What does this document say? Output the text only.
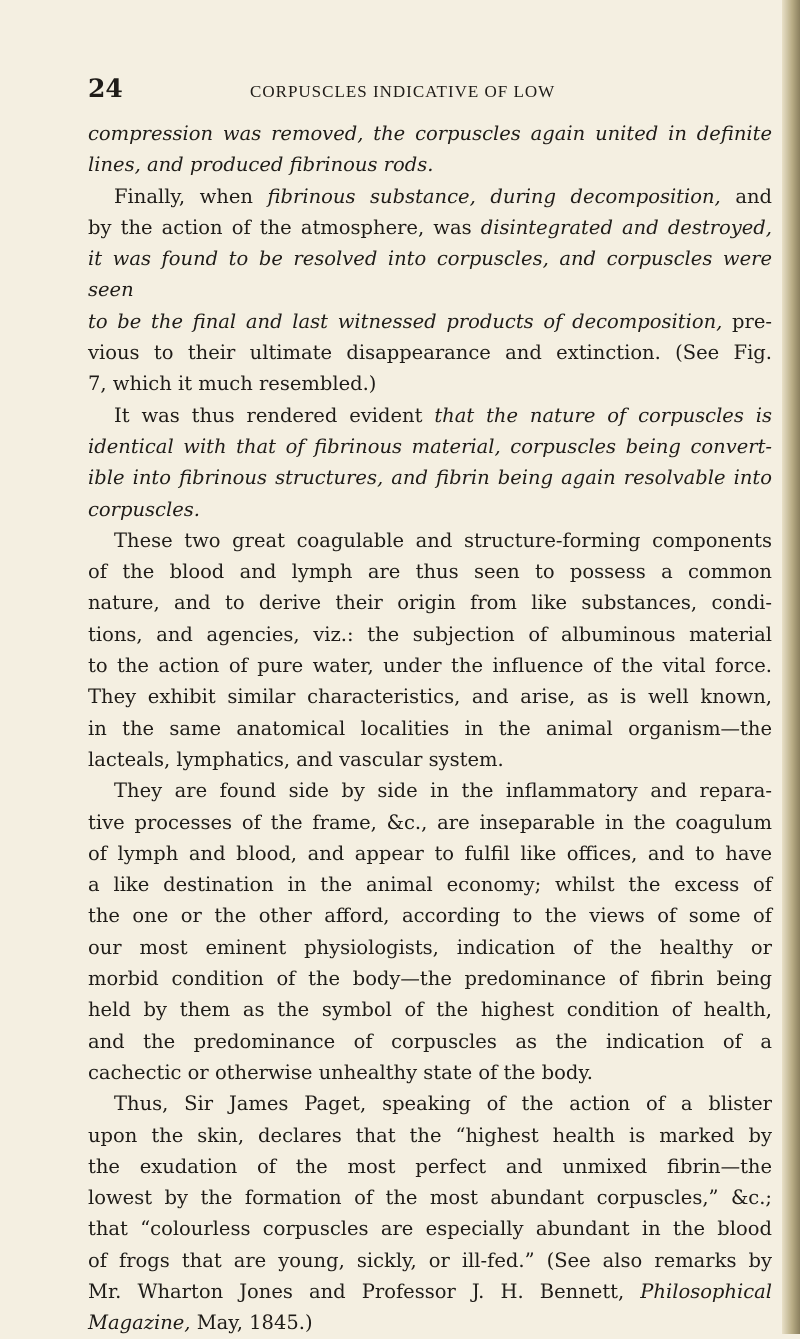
24	CORPUSCLES INDICATIVE OF LOW

compression was removed, the corpuscles again united in definite

lines, and produced fibrinous rods.

Finally, when fibrinous substance, during decomposition, and

by the action of the atmosphere, was disintegrated and destroyed,

it was found to be resolved into corpuscles, and corpuscles were seen

to be the final and last witnessed products of decomposition, pre-

vious to their ultimate disappearance and extinction. (See Fig.

7, which it much resembled.)

It was thus rendered evident that the nature of corpuscles is

identical with that of fibrinous material, corpuscles being convert-

ible into fibrinous structures, and fibrin being again resolvable into

corpuscles.

These two great coagulable and structure-forming components

of the blood and lymph are thus seen to possess a common

nature, and to derive their origin from like substances, condi-

tions, and agencies, viz.: the subjection of albuminous material

to the action of pure water, under the influence of the vital force.

They exhibit similar characteristics, and arise, as is well known,

in the same anatomical localities in the animal organism—the

lacteals, lymphatics, and vascular system.

They are found side by side in the inflammatory and repara-

tive processes of the frame, &c., are inseparable in the coagulum

of lymph and blood, and appear to fulfil like offices, and to have

a like destination in the animal economy; whilst the excess of

the one or the other afford, according to the views of some of

our most eminent physiologists, indication of the healthy or

morbid condition of the body—the predominance of fibrin being

held by them as the symbol of the highest condition of health,

and the predominance of corpuscles as the indication of a

cachectic or otherwise unhealthy state of the body.

Thus, Sir James Paget, speaking of the action of a blister

upon the skin, declares that the “highest health is marked by

the exudation of the most perfect and unmixed fibrin—the

lowest by the formation of the most abundant corpuscles,” &c.;

that “colourless corpuscles are especially abundant in the blood

of frogs that are young, sickly, or ill-fed.” (See also remarks by

Mr. Wharton Jones and Professor J. H. Bennett, Philosophical

Magazine, May, 1845.)
